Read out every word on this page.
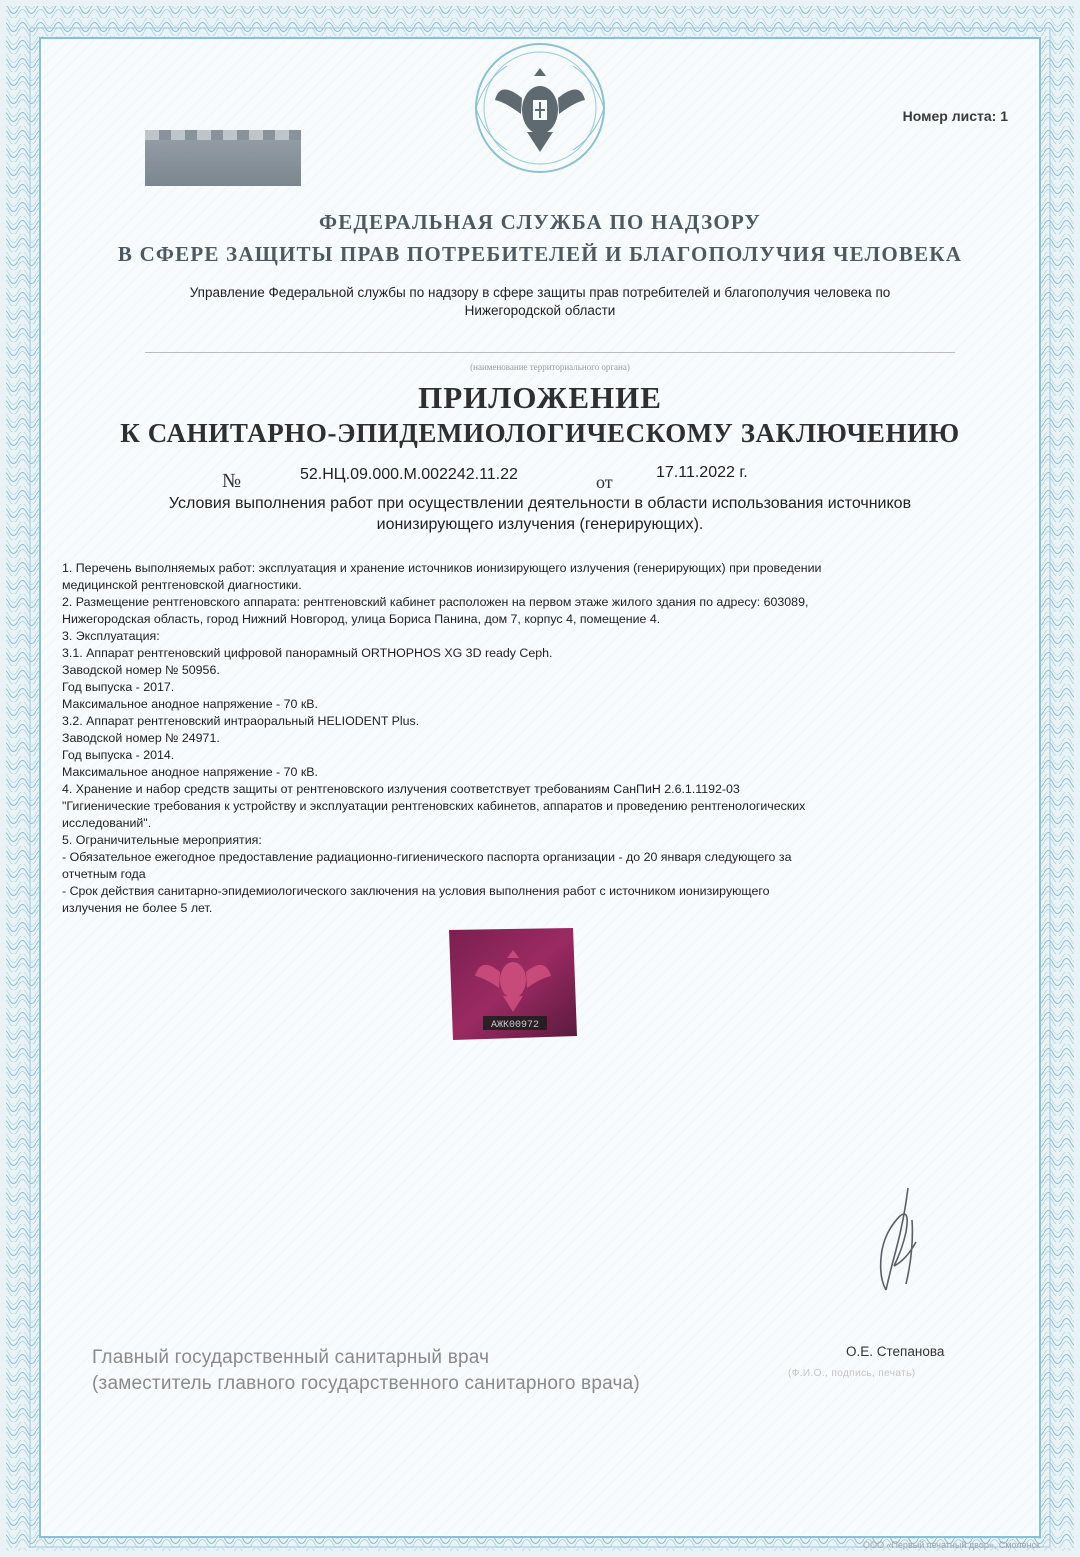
Номер листа: 1
ФЕДЕРАЛЬНАЯ СЛУЖБА ПО НАДЗОРУ
В СФЕРЕ ЗАЩИТЫ ПРАВ ПОТРЕБИТЕЛЕЙ И БЛАГОПОЛУЧИЯ ЧЕЛОВЕКА
Управление Федеральной службы по надзору в сфере защиты прав потребителей и благополучия человека по
Нижегородской области
(наименование территориального органа)
ПРИЛОЖЕНИЕ
К САНИТАРНО-ЭПИДЕМИОЛОГИЧЕСКОМУ ЗАКЛЮЧЕНИЮ
№	52.НЦ.09.000.М.002242.11.22	от	17.11.2022 г.
Условия выполнения работ при осуществлении деятельности в области использования источников
ионизирующего излучения (генерирующих).
1. Перечень выполняемых работ: эксплуатация и хранение источников ионизирующего излучения (генерирующих) при проведении
медицинской рентгеновской диагностики.
2. Размещение рентгеновского аппарата: рентгеновский кабинет расположен на первом этаже жилого здания по адресу: 603089,
Нижегородская область, город Нижний Новгород, улица Бориса Панина, дом 7, корпус 4, помещение 4.
3. Эксплуатация:
3.1. Аппарат рентгеновский цифровой панорамный ORTHOPHOS XG 3D ready Ceph.
Заводской номер № 50956.
Год выпуска - 2017.
Максимальное анодное напряжение - 70 кВ.
3.2. Аппарат рентгеновский интраоральный HELIODENT Plus.
Заводской номер № 24971.
Год выпуска - 2014.
Максимальное анодное напряжение - 70 кВ.
4. Хранение и набор средств защиты от рентгеновского излучения соответствует требованиям СанПиН 2.6.1.1192-03
"Гигиенические требования к устройству и эксплуатации рентгеновских кабинетов, аппаратов и проведению рентгенологических
исследований".
5. Ограничительные мероприятия:
- Обязательное ежегодное предоставление радиационно-гигиенического паспорта организации - до 20 января следующего за
отчетным года
- Срок действия санитарно-эпидемиологического заключения на условия выполнения работ с источником ионизирующего
излучения не более 5 лет.
АЖК00972
О.Е. Степанова
(Ф.И.О., подпись, печать)
Главный государственный санитарный врач
(заместитель главного государственного санитарного врача)
ООО «Первый печатный двор», Смоленск
